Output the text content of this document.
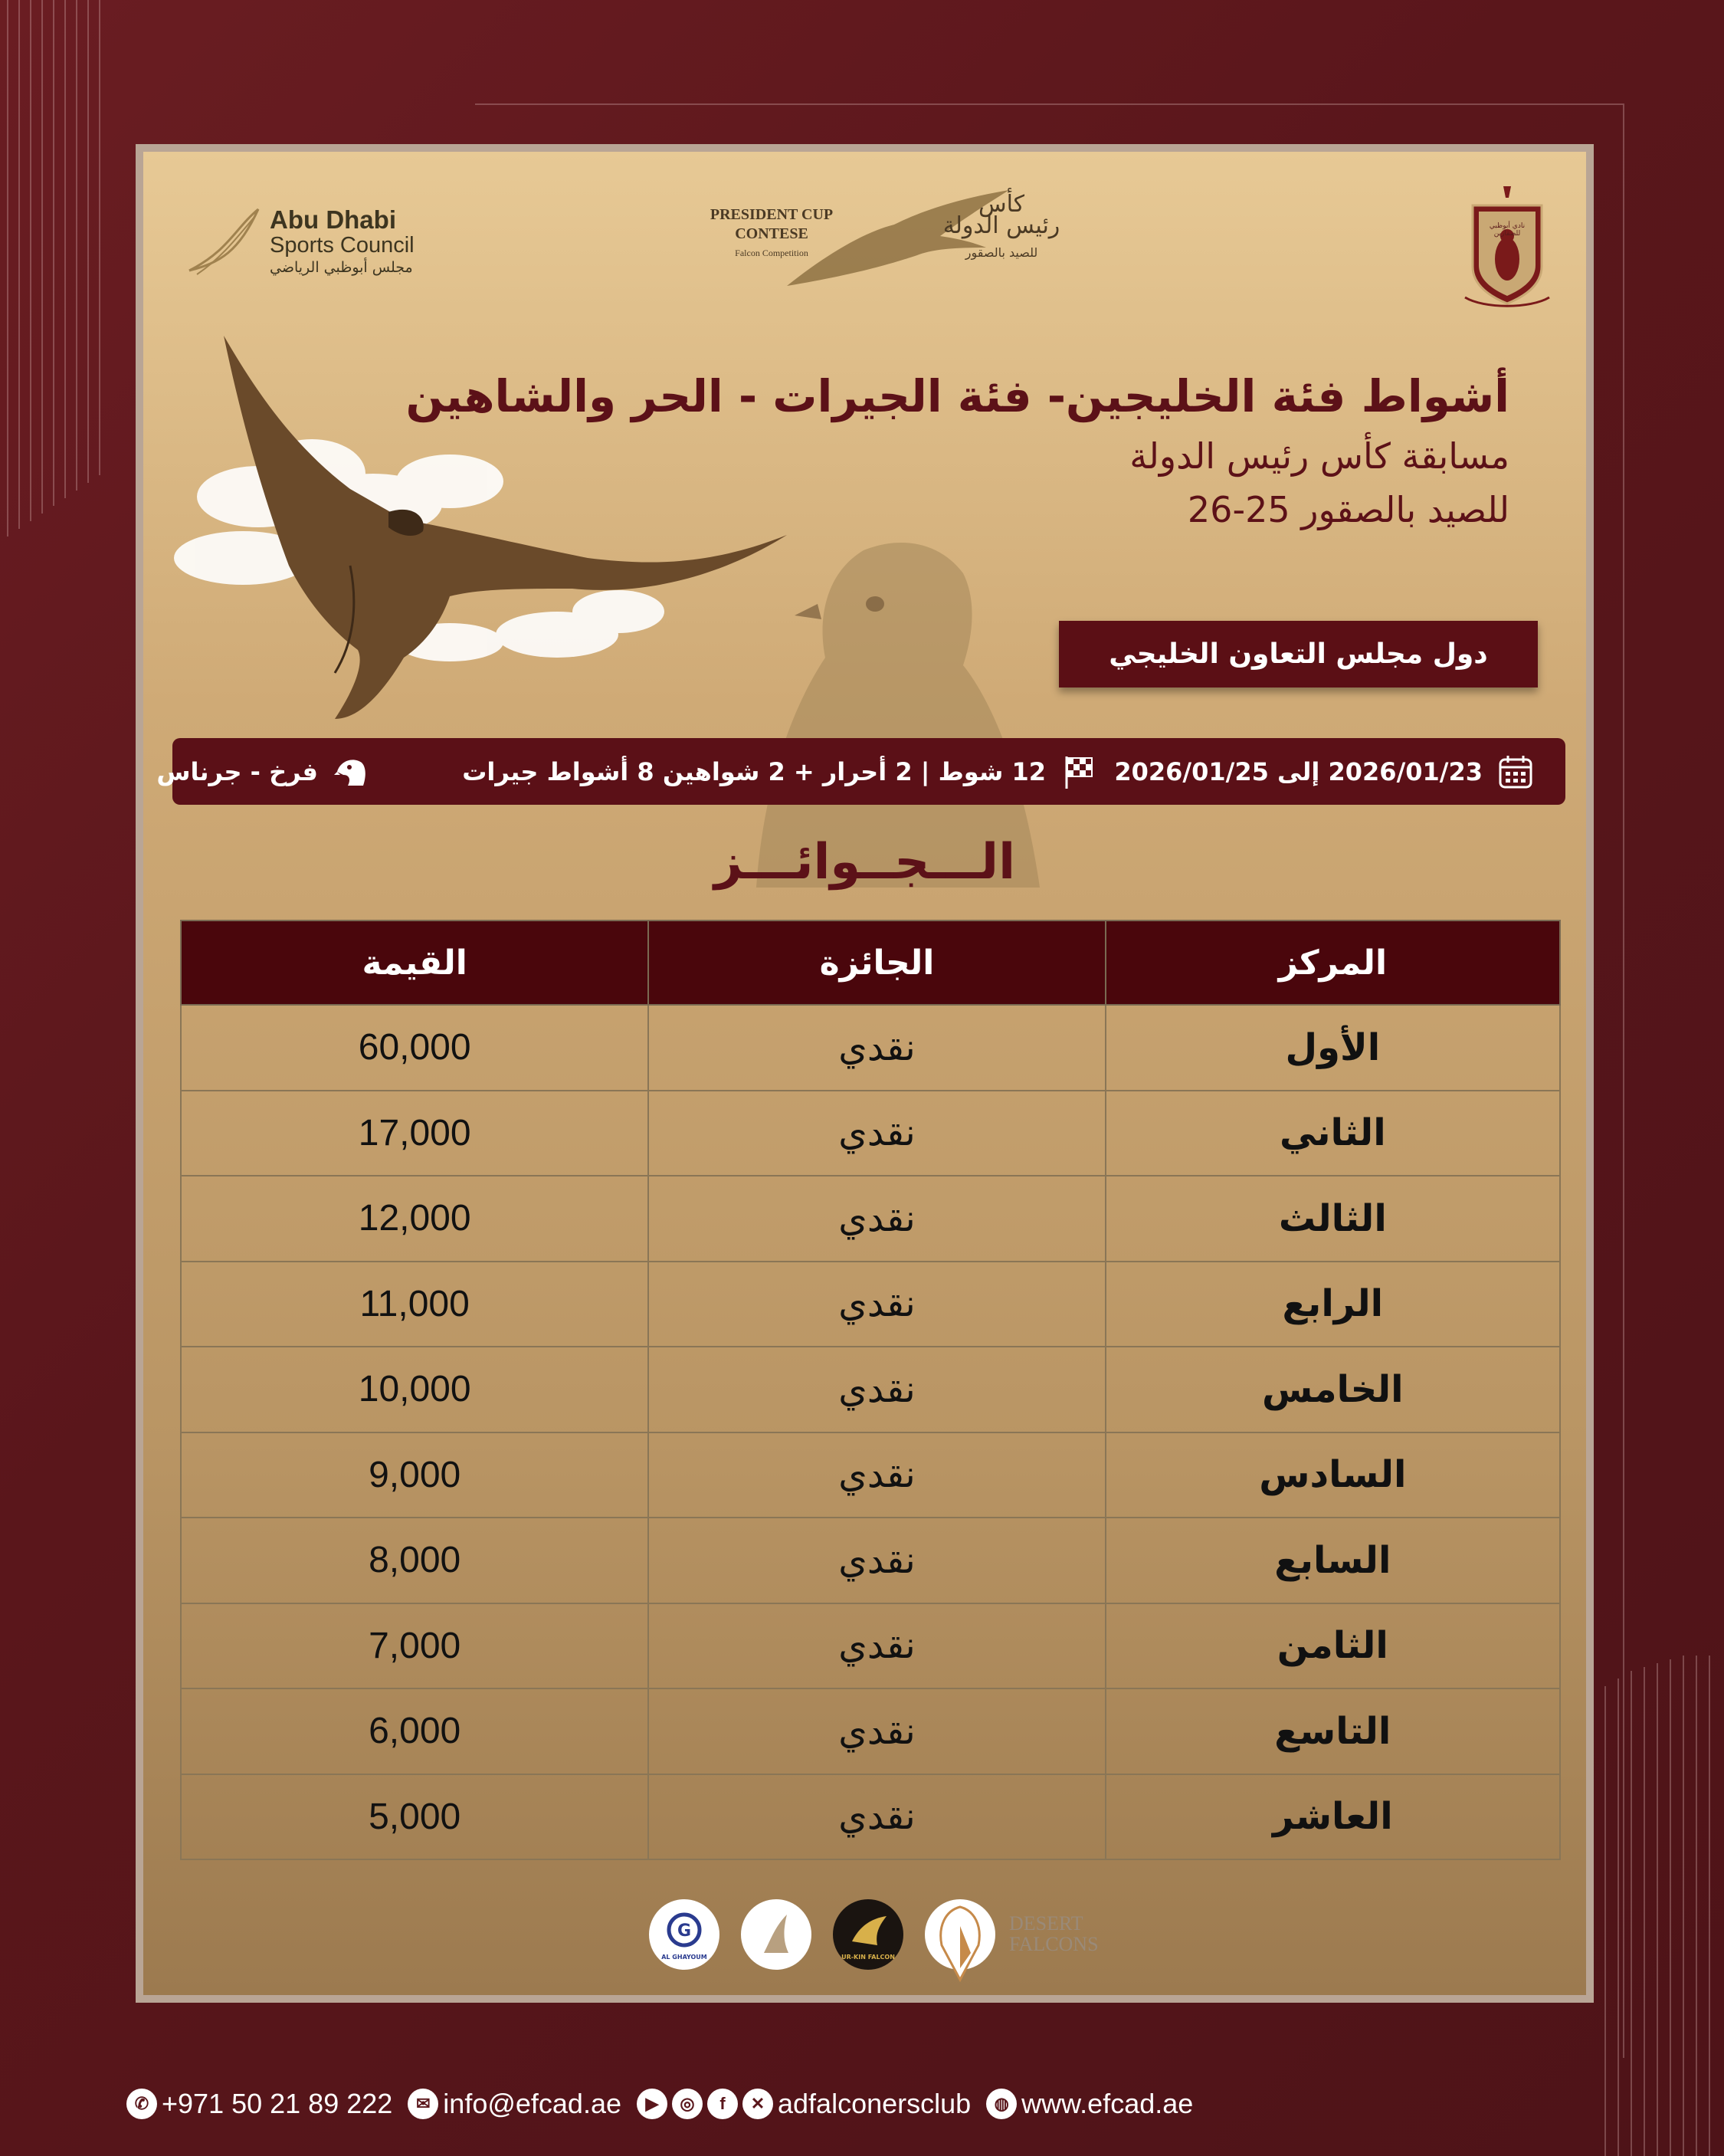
Abu Dhabi
Sports Council
مجلس أبوظبي الرياضي
PRESIDENT CUP
CONTESE
Falcon Competition
كأس
رئيس الدولة
للصيد بالصقور
نادي أبوظبي للصقارين
أشواط فئة الخليجين- فئة الجيرات - الحر والشاهين
مسابقة كأس رئيس الدولة
للصيد بالصقور 25-26
دول مجلس التعاون الخليجي
2026/01/23 إلى 2026/01/25
12 شوط | 2 أحرار + 2 شواهين 8 أشواط جيرات
فرخ - جرناس
الـــجــوائـــز
المركز	الجائزة	القيمة
الأول	نقدي	60,000
الثاني	نقدي	17,000
الثالث	نقدي	12,000
الرابع	نقدي	11,000
الخامس	نقدي	10,000
السادس	نقدي	9,000
السابع	نقدي	8,000
الثامن	نقدي	7,000
التاسع	نقدي	6,000
العاشر	نقدي	5,000
G
AL GHAYOUM	UR-KIN FALCON
DESERT
FALCONS
✆ +971 50 21 89 222	✉ info@efcad.ae	▶	◎	f	✕ adfalconersclub	◍ www.efcad.ae
